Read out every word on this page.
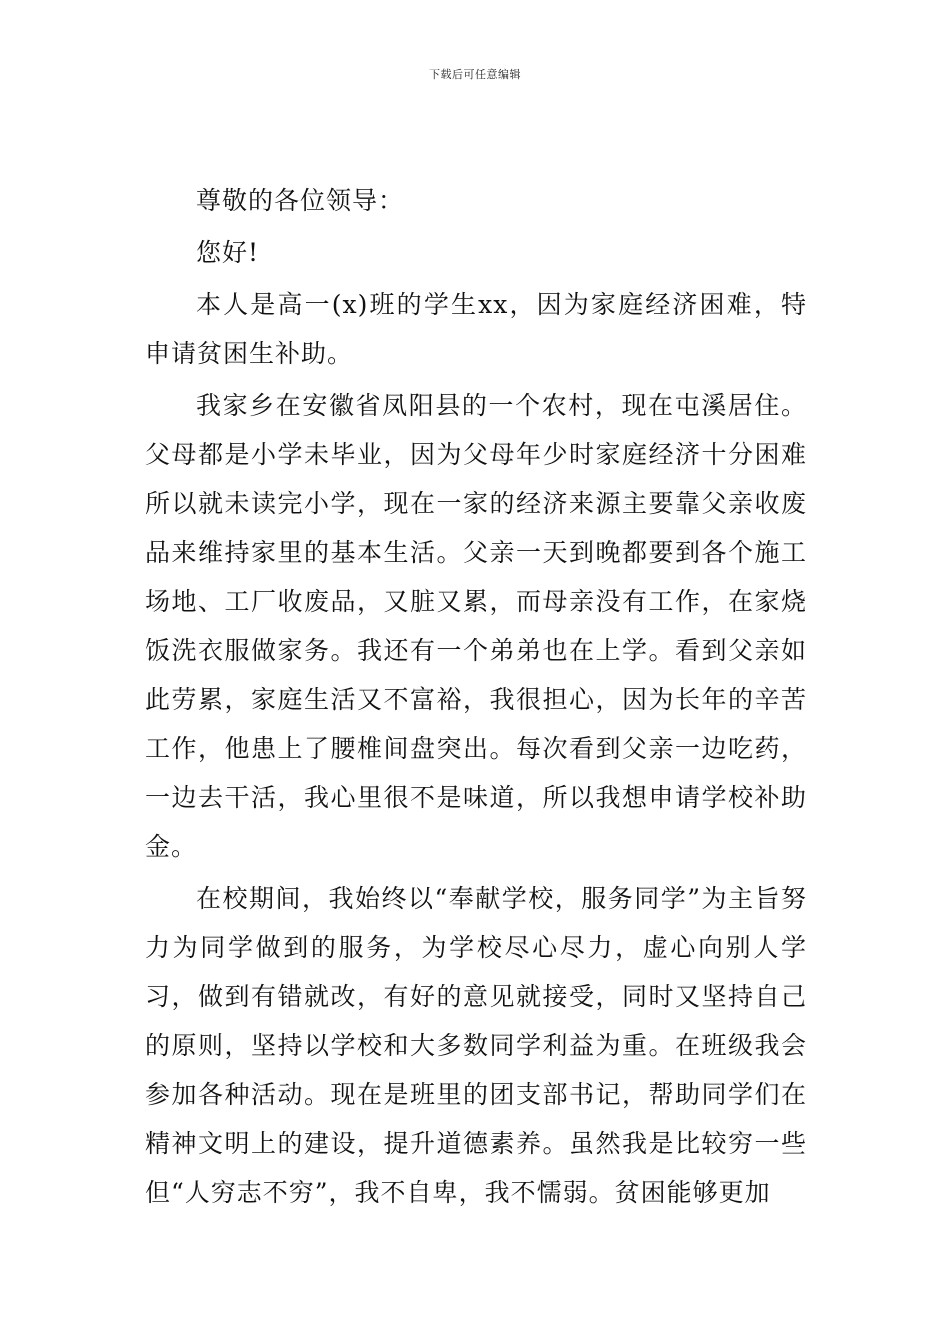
下载后可任意编辑

尊敬的各位领导：

您好!

本人是高一(x)班的学生xx，因为家庭经济困难，特申请贫困生补助。

我家乡在安徽省凤阳县的一个农村，现在屯溪居住。父母都是小学未毕业，因为父母年少时家庭经济十分困难所以就未读完小学，现在一家的经济来源主要靠父亲收废品来维持家里的基本生活。父亲一天到晚都要到各个施工场地、工厂收废品，又脏又累，而母亲没有工作，在家烧饭洗衣服做家务。我还有一个弟弟也在上学。看到父亲如此劳累，家庭生活又不富裕，我很担心，因为长年的辛苦工作，他患上了腰椎间盘突出。每次看到父亲一边吃药，一边去干活，我心里很不是味道，所以我想申请学校补助金。

在校期间，我始终以“奉献学校，服务同学”为主旨努力为同学做到的服务，为学校尽心尽力，虚心向别人学习，做到有错就改，有好的意见就接受，同时又坚持自己的原则，坚持以学校和大多数同学利益为重。在班级我会参加各种活动。现在是班里的团支部书记，帮助同学们在精神文明上的建设，提升道德素养。虽然我是比较穷一些但“人穷志不穷”，我不自卑，我不懦弱。贫困能够更加
